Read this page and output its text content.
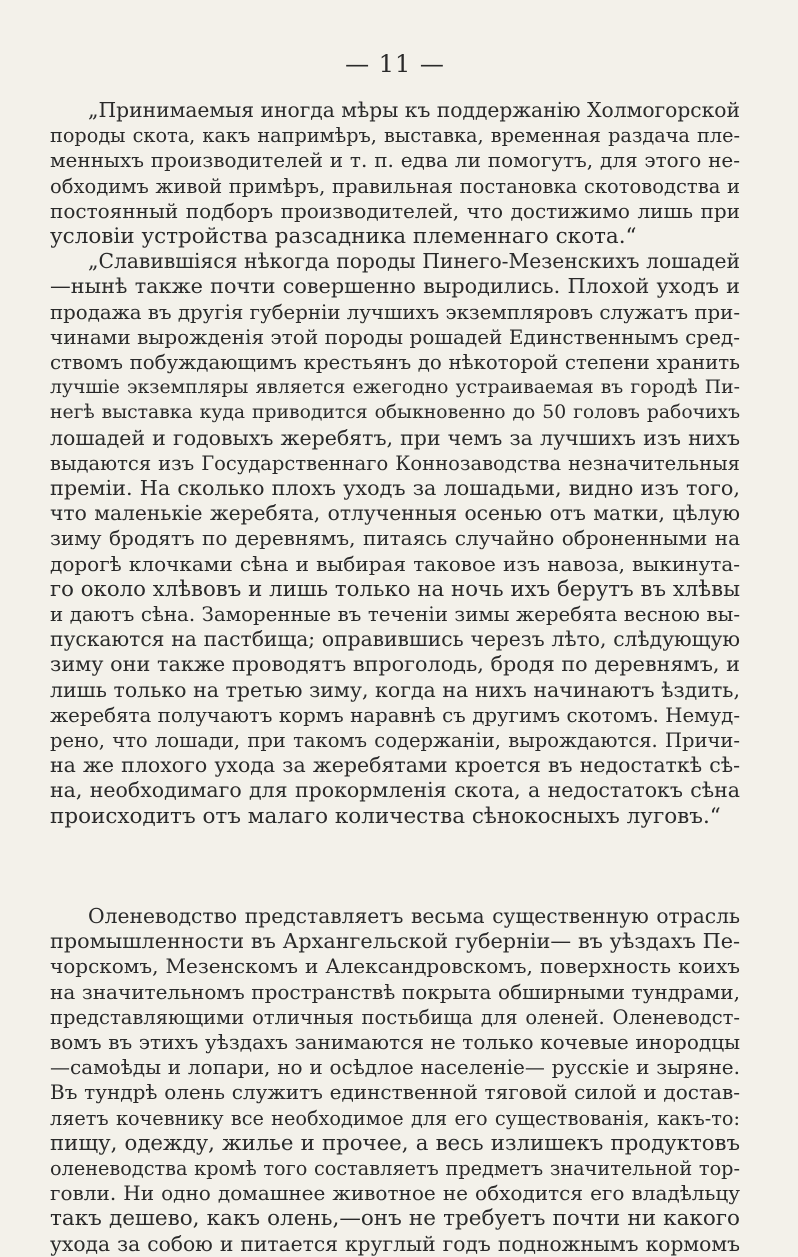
— 11 —
„Принимаемыя иногда мѣры къ поддержанію Холмогорской
породы скота, какъ напримѣръ, выставка, временная раздача пле-
менныхъ производителей и т. п. едва ли помогутъ, для этого не-
обходимъ живой примѣръ, правильная постановка скотоводства и
постоянный подборъ производителей, что достижимо лишь при
условіи устройства разсадника племеннаго скота.“
„Славившіяся нѣкогда породы Пинего-Мезенскихъ лошадей
—нынѣ также почти совершенно выродились. Плохой уходъ и
продажа въ другія губерніи лучшихъ экземпляровъ служатъ при-
чинами вырожденія этой породы рошадей Единственнымъ сред-
ствомъ побуждающимъ крестьянъ до нѣкоторой степени хранить
лучшіе экземпляры является ежегодно устраиваемая въ городѣ Пи-
негѣ выставка куда приводится обыкновенно до 50 головъ рабочихъ
лошадей и годовыхъ жеребятъ, при чемъ за лучшихъ изъ нихъ
выдаются изъ Государственнаго Коннозаводства незначительныя
преміи. На сколько плохъ уходъ за лошадьми, видно изъ того,
что маленькіе жеребята, отлученныя осенью отъ матки, цѣлую
зиму бродятъ по деревнямъ, питаясь случайно оброненными на
дорогѣ клочками сѣна и выбирая таковое изъ навоза, выкинута-
го около хлѣвовъ и лишь только на ночь ихъ берутъ въ хлѣвы
и даютъ сѣна. Заморенные въ теченіи зимы жеребята весною вы-
пускаются на пастбища; оправившись черезъ лѣто, слѣдующую
зиму они также проводятъ впроголодь, бродя по деревнямъ, и
лишь только на третью зиму, когда на нихъ начинаютъ ѣздить,
жеребята получаютъ кормъ наравнѣ съ другимъ скотомъ. Немуд-
рено, что лошади, при такомъ содержаніи, вырождаются. Причи-
на же плохого ухода за жеребятами кроется въ недостаткѣ сѣ-
на, необходимаго для прокормленія скота, а недостатокъ сѣна
происходитъ отъ малаго количества сѣнокосныхъ луговъ.“
Оленеводство представляетъ весьма существенную отрасль
промышленности въ Архангельской губерніи— въ уѣздахъ Пе-
чорскомъ, Мезенскомъ и Александровскомъ, поверхность коихъ
на значительномъ пространствѣ покрыта обширными тундрами,
представляющими отличныя постьбища для оленей. Оленеводст-
вомъ въ этихъ уѣздахъ занимаются не только кочевые инородцы
—самоѣды и лопари, но и осѣдлое населеніе— русскіе и зыряне.
Въ тундрѣ олень служитъ единственной тяговой силой и достав-
ляетъ кочевнику все необходимое для его существованія, какъ-то:
пищу, одежду, жилье и прочее, а весь излишекъ продуктовъ
оленеводства кромѣ того составляетъ предметъ значительной тор-
говли. Ни одно домашнее животное не обходится его владѣльцу
такъ дешево, какъ олень,—онъ не требуетъ почти ни какого
ухода за собою и питается круглый годъ подножнымъ кормомъ
